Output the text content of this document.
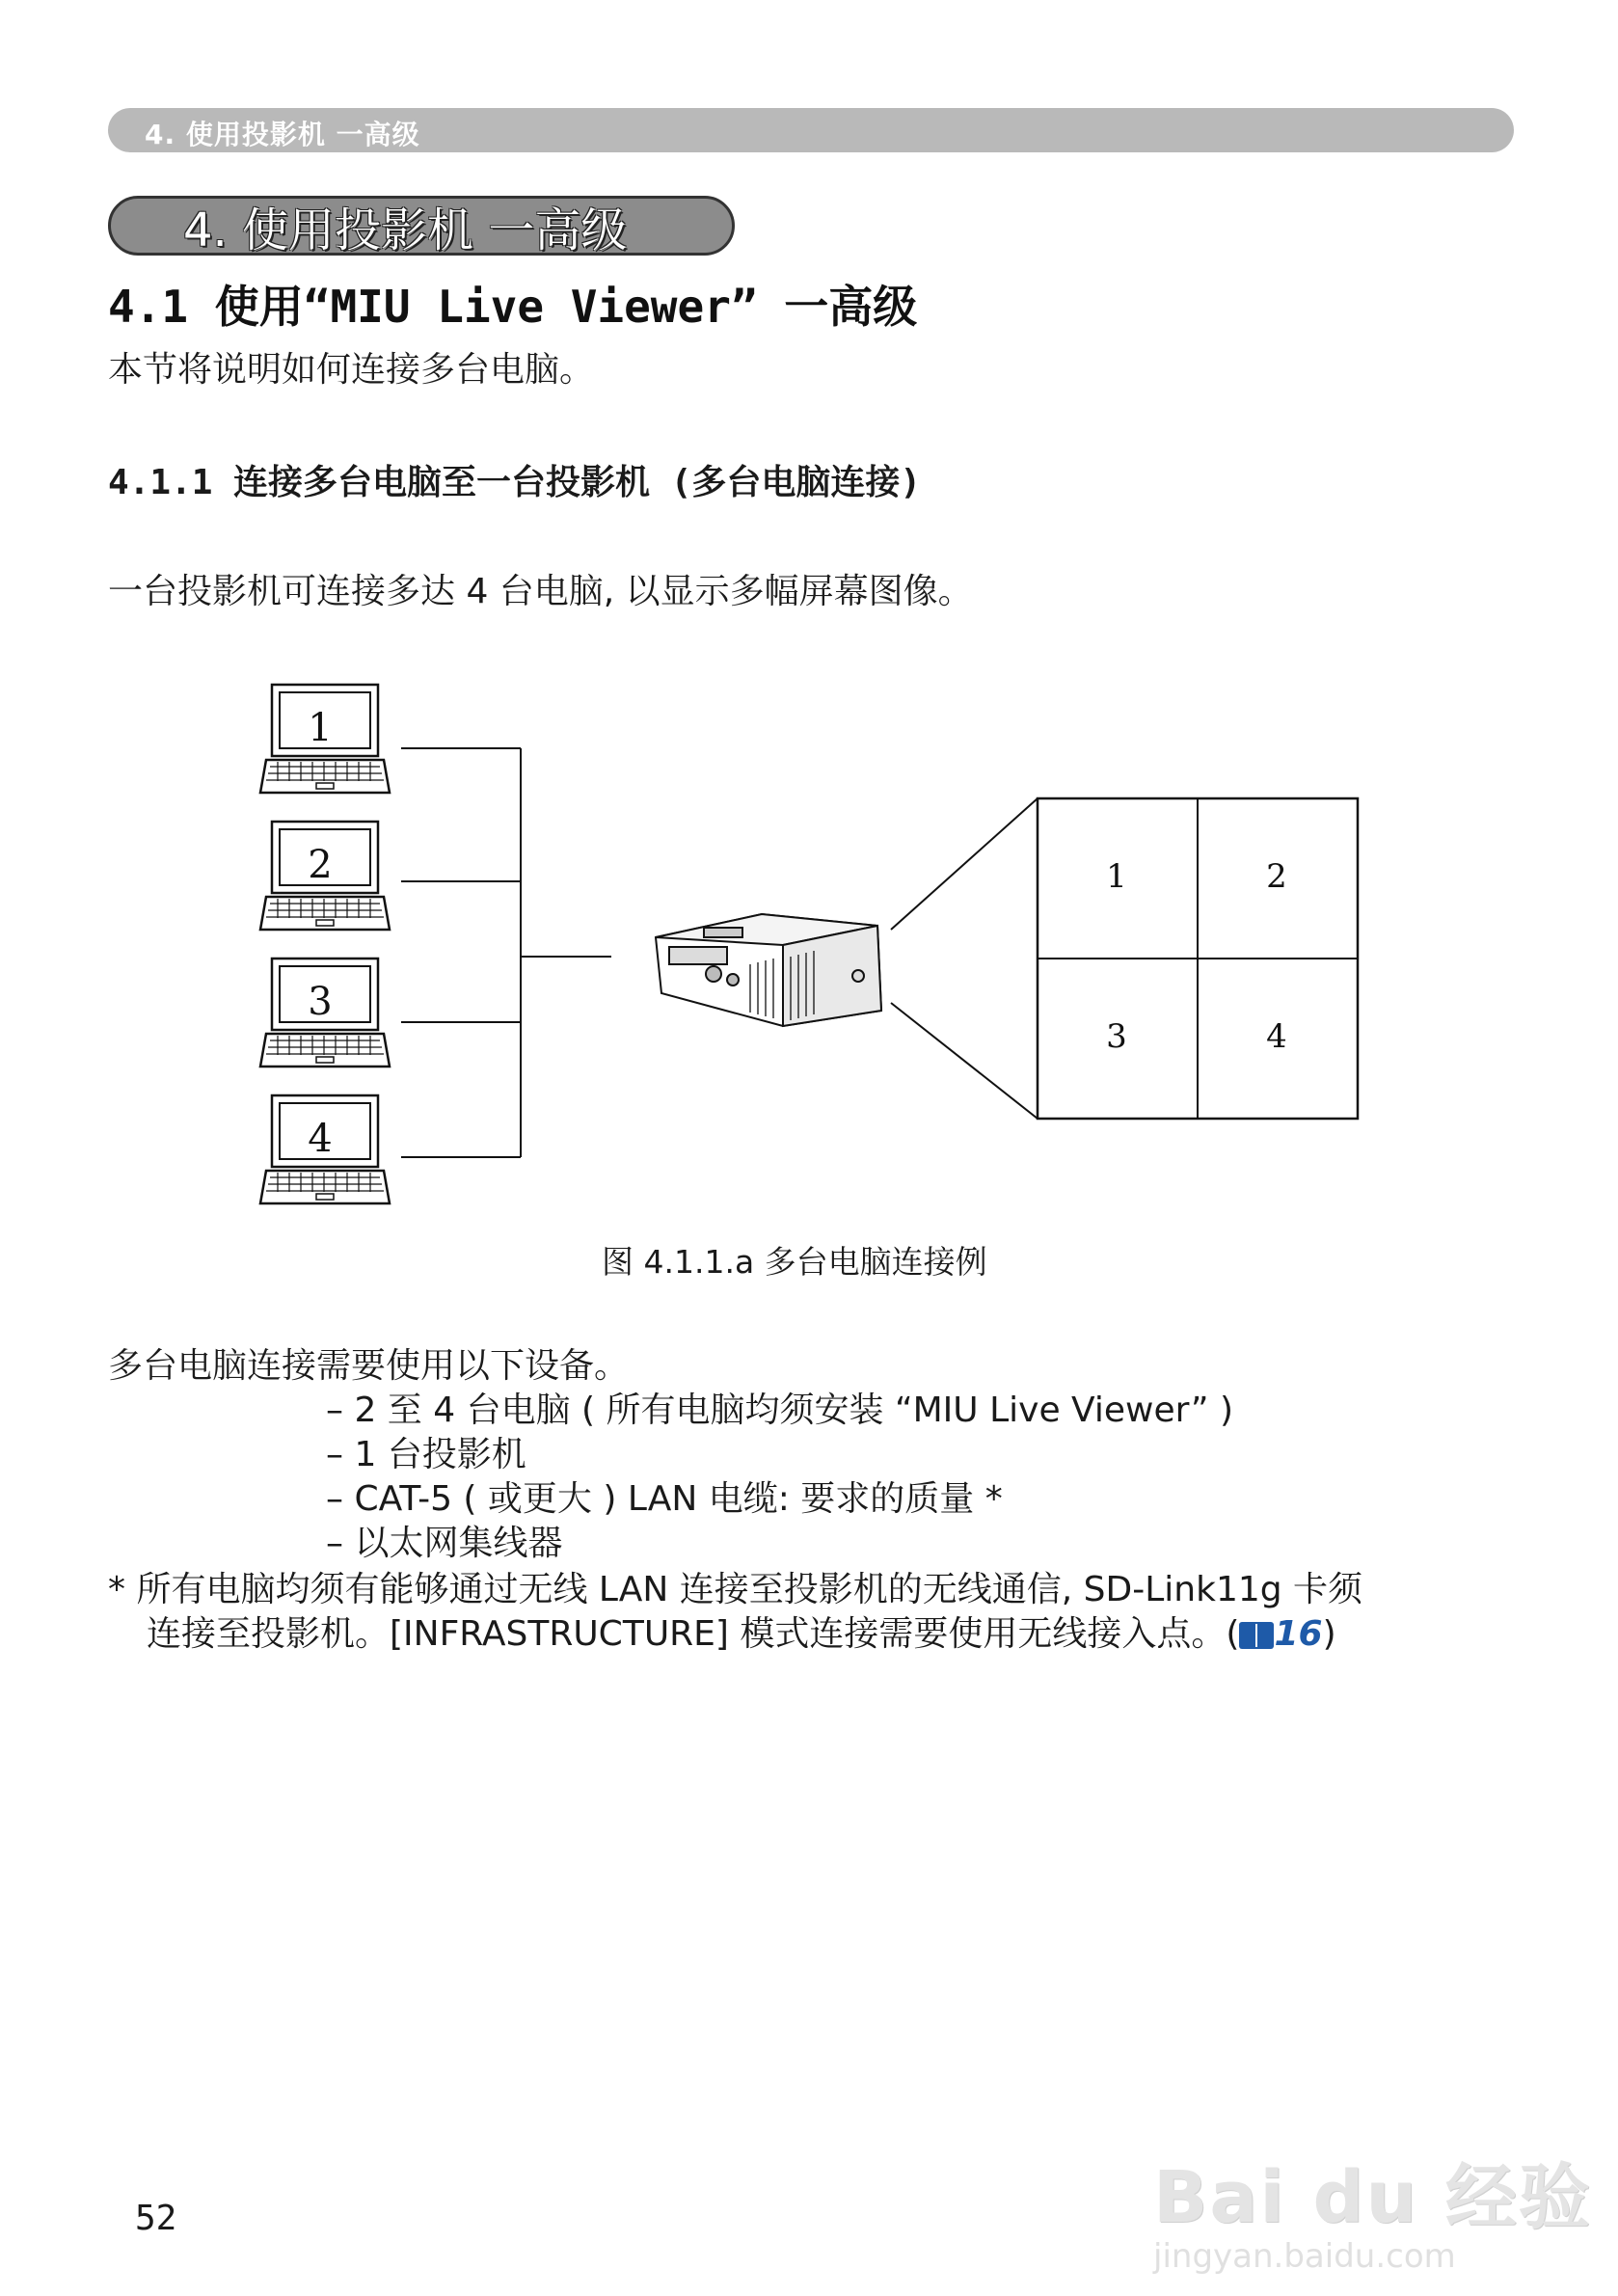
4. 使用投影机 一高级
4. 使用投影机 一高级
4.1 使用“MIU Live Viewer” 一高级
本节将说明如何连接多台电脑。
4.1.1 连接多台电脑至一台投影机 (多台电脑连接)
一台投影机可连接多达 4 台电脑, 以显示多幅屏幕图像。
1
2
3
4
1	2
3	4
图 4.1.1.a 多台电脑连接例
多台电脑连接需要使用以下设备。
– 2 至 4 台电脑 ( 所有电脑均须安装 “MIU Live Viewer” )
– 1 台投影机
– CAT-5 ( 或更大 ) LAN 电缆: 要求的质量 *
– 以太网集线器
* 所有电脑均须有能够通过无线 LAN 连接至投影机的无线通信, SD-Link11g 卡须
连接至投影机。[INFRASTRUCTURE] 模式连接需要使用无线接入点。( 16)
52	Bai du 经验
jingyan.baidu.com
